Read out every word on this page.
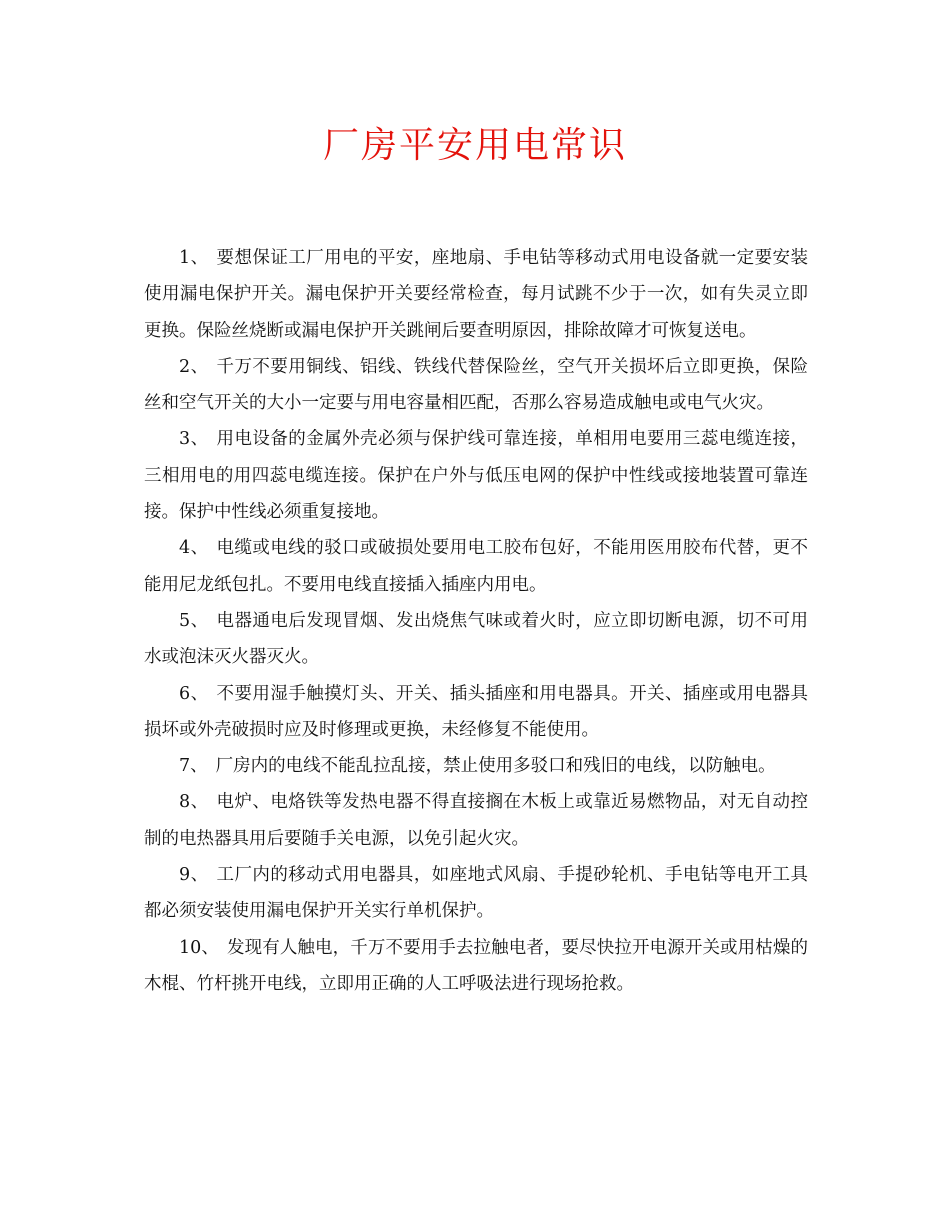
厂房平安用电常识

1、 要想保证工厂用电的平安，座地扇、手电钻等移动式用电设备就一定要安装使用漏电保护开关。漏电保护开关要经常检查，每月试跳不少于一次，如有失灵立即更换。保险丝烧断或漏电保护开关跳闸后要查明原因，排除故障才可恢复送电。

2、 千万不要用铜线、铝线、铁线代替保险丝，空气开关损坏后立即更换，保险丝和空气开关的大小一定要与用电容量相匹配，否那么容易造成触电或电气火灾。

3、 用电设备的金属外壳必须与保护线可靠连接，单相用电要用三蕊电缆连接，三相用电的用四蕊电缆连接。保护在户外与低压电网的保护中性线或接地装置可靠连接。保护中性线必须重复接地。

4、 电缆或电线的驳口或破损处要用电工胶布包好，不能用医用胶布代替，更不能用尼龙纸包扎。不要用电线直接插入插座内用电。

5、 电器通电后发现冒烟、发出烧焦气味或着火时，应立即切断电源，切不可用水或泡沫灭火器灭火。

6、 不要用湿手触摸灯头、开关、插头插座和用电器具。开关、插座或用电器具损坏或外壳破损时应及时修理或更换，未经修复不能使用。

7、 厂房内的电线不能乱拉乱接，禁止使用多驳口和残旧的电线，以防触电。

8、 电炉、电烙铁等发热电器不得直接搁在木板上或靠近易燃物品，对无自动控制的电热器具用后要随手关电源，以免引起火灾。

9、 工厂内的移动式用电器具，如座地式风扇、手提砂轮机、手电钻等电开工具都必须安装使用漏电保护开关实行单机保护。

10、 发现有人触电，千万不要用手去拉触电者，要尽快拉开电源开关或用枯燥的木棍、竹杆挑开电线，立即用正确的人工呼吸法进行现场抢救。
